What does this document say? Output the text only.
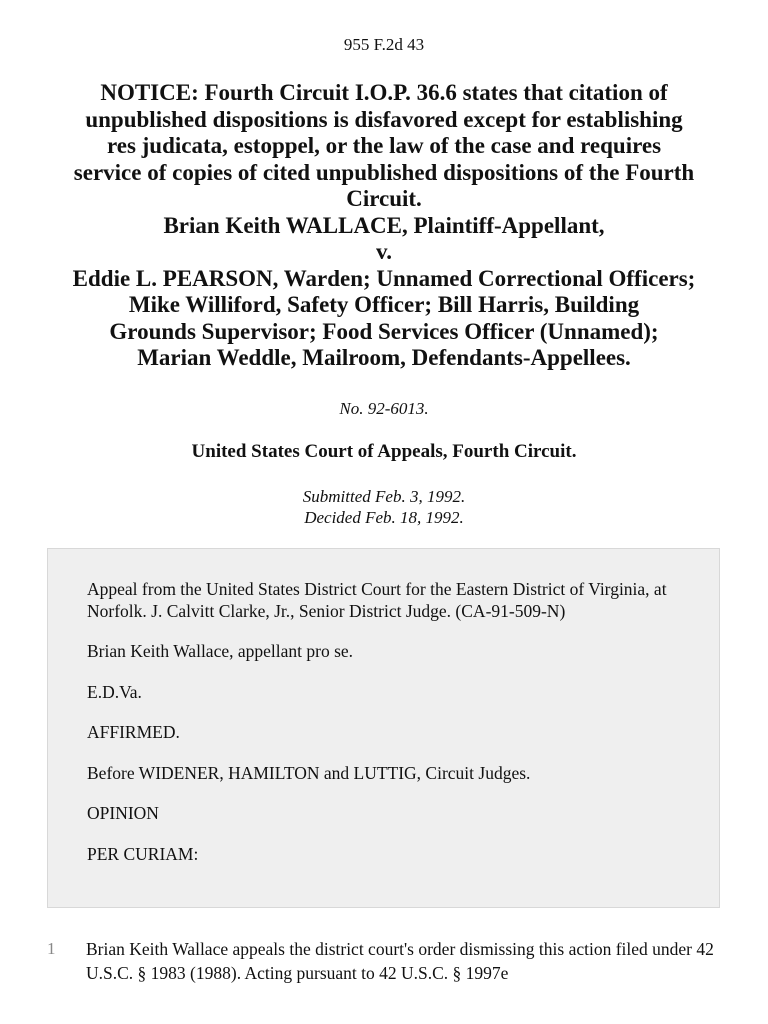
955 F.2d 43
NOTICE: Fourth Circuit I.O.P. 36.6 states that citation of
unpublished dispositions is disfavored except for establishing
res judicata, estoppel, or the law of the case and requires
service of copies of cited unpublished dispositions of the Fourth
Circuit.
Brian Keith WALLACE, Plaintiff-Appellant,
v.
Eddie L. PEARSON, Warden; Unnamed Correctional Officers;
Mike Williford, Safety Officer; Bill Harris, Building
Grounds Supervisor; Food Services Officer (Unnamed);
Marian Weddle, Mailroom, Defendants-Appellees.
No. 92-6013.
United States Court of Appeals, Fourth Circuit.
Submitted Feb. 3, 1992.
Decided Feb. 18, 1992.

Appeal from the United States District Court for the Eastern District of Virginia, at Norfolk. J. Calvitt Clarke, Jr., Senior District Judge. (CA-91-509-N)

Brian Keith Wallace, appellant pro se.

E.D.Va.

AFFIRMED.

Before WIDENER, HAMILTON and LUTTIG, Circuit Judges.

OPINION

PER CURIAM:

1 Brian Keith Wallace appeals the district court's order dismissing this action filed under 42 U.S.C. § 1983 (1988). Acting pursuant to 42 U.S.C. § 1997e
